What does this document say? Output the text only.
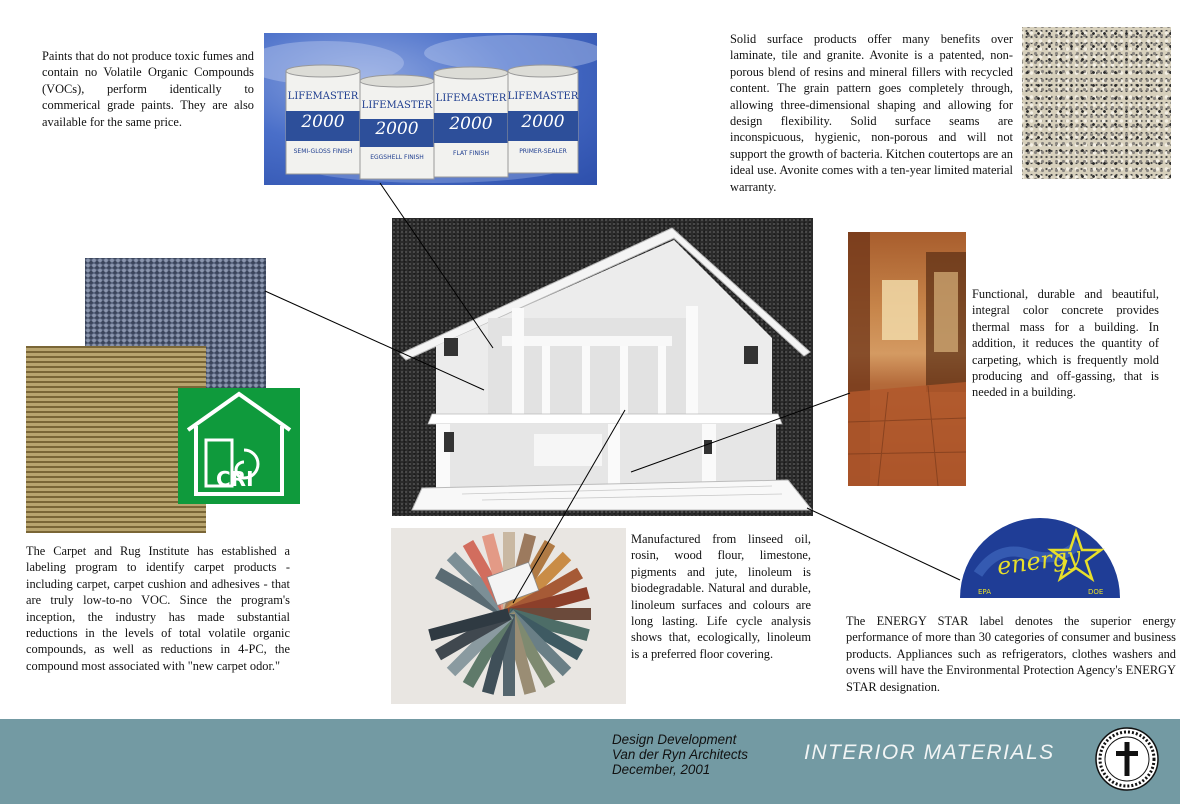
Paints that do not produce toxic fumes and contain no Volatile Organic Compounds (VOCs), perform identically to commerical grade paints. They are also available for the same price.
Solid surface products offer many benefits over laminate, tile and granite. Avonite is a patented, non-porous blend of resins and mineral fillers with recycled content. The grain pattern goes completely through, allowing three-dimensional shaping and allowing for design flexibility. Solid surface seams are inconspicuous, hygienic, non-porous and will not support the growth of bacteria. Kitchen coutertops are an ideal use. Avonite comes with a ten-year limited material warranty.
Functional, durable and beautiful, integral color concrete provides thermal mass for a building. In addition, it reduces the quantity of carpeting, which is frequently mold producing and off-gassing, that is needed in a building.
The Carpet and Rug Institute has established a labeling program to identify carpet products - including carpet, carpet cushion and adhesives - that are truly low-to-no VOC. Since the program's inception, the industry has made substantial reductions in the levels of total volatile organic compounds, as well as reductions in 4-PC, the compound most associated with "new carpet odor."
Manufactured from linseed oil, rosin, wood flour, limestone, pigments and jute, linoleum is biodegradable. Natural and durable, linoleum surfaces and colours are long lasting. Life cycle analysis shows that, ecologically, linoleum is a preferred floor covering.
The ENERGY STAR label denotes the superior energy performance of more than 30 categories of consumer and business products. Appliances such as refrigerators, clothes washers and ovens will have the Environmental Protection Agency's ENERGY STAR designation.
LIFEMASTER
2000
SEMI-GLOSS FINISH
LIFEMASTER
2000
EGGSHELL FINISH
LIFEMASTER
2000
FLAT FINISH
LIFEMASTER
2000
PRIMER-SEALER
CRI
energy
EPA	DOE
Design Development
Van der Ryn Architects
December, 2001
INTERIOR MATERIALS
